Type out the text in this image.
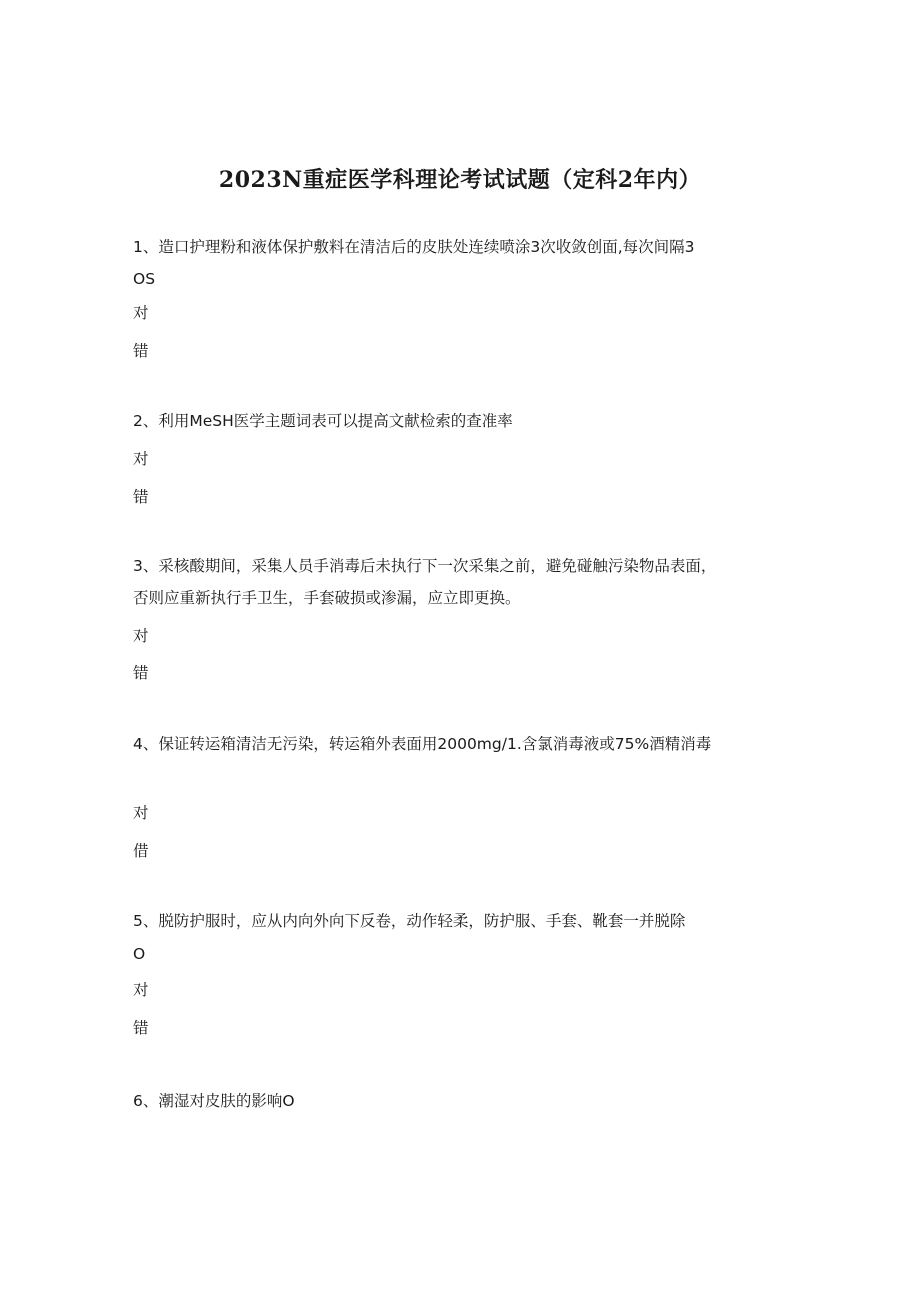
2023N重症医学科理论考试试题（定科2年内）
1、造口护理粉和液体保护敷料在清洁后的皮肤处连续喷涂3次收敛创面,每次间隔3
OS
对
错
2、利用MeSH医学主题词表可以提高文献检索的查准率
对
错
3、采核酸期间，采集人员手消毒后未执行下一次采集之前，避免碰触污染物品表面，
否则应重新执行手卫生，手套破损或渗漏，应立即更换。
对
错
4、保证转运箱清洁无污染，转运箱外表面用2000mg∕1.含氯消毒液或75%酒精消毒
对
借
5、脱防护服时，应从内向外向下反卷，动作轻柔，防护服、手套、靴套一并脱除
O
对
错
6、潮湿对皮肤的影响O
